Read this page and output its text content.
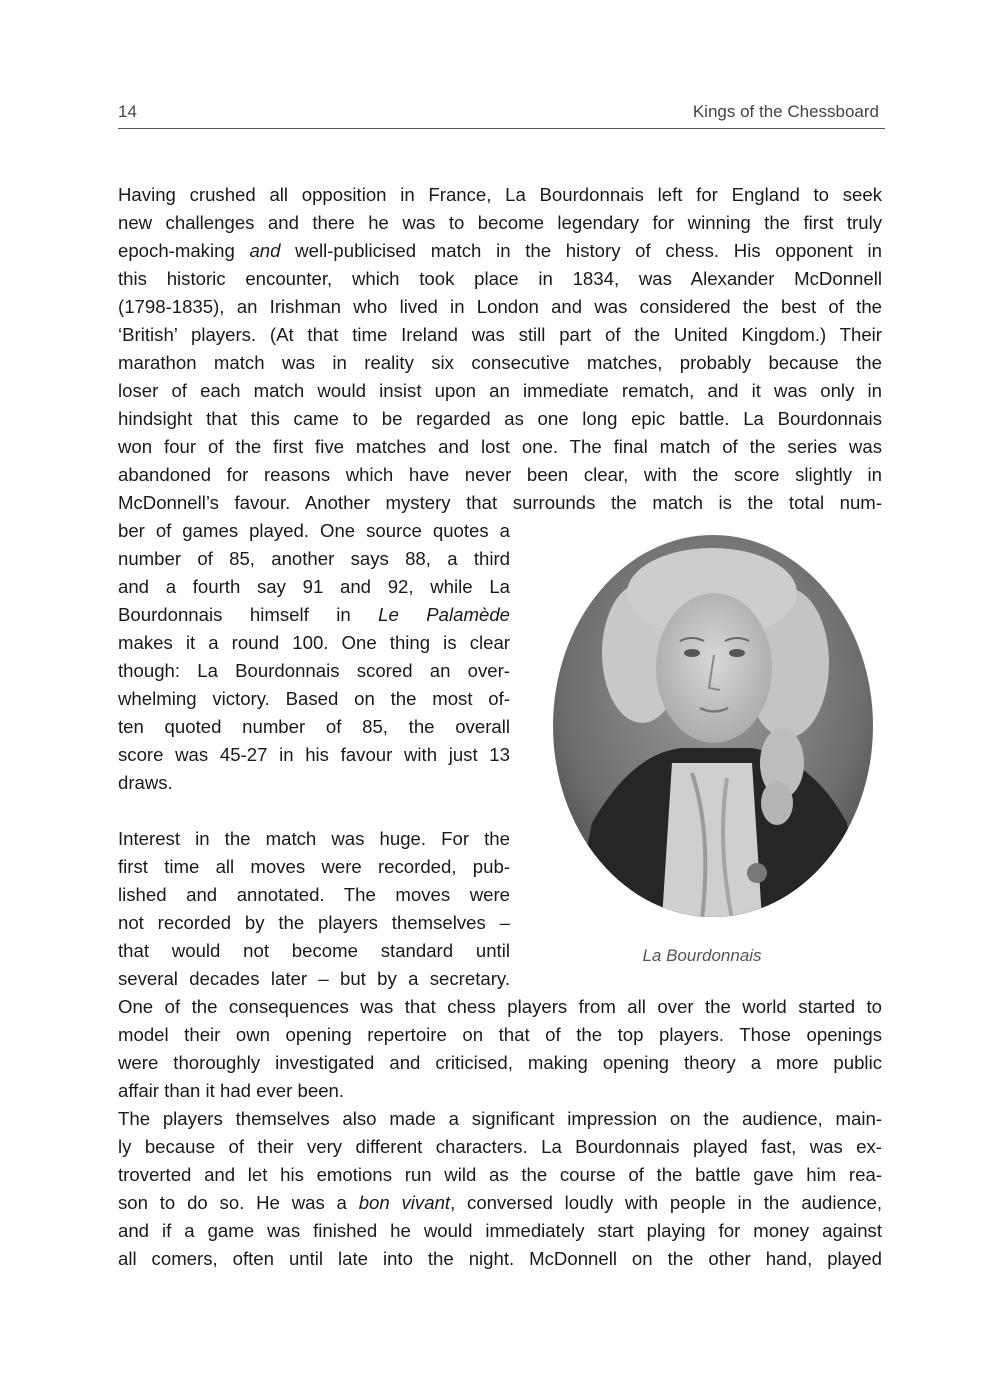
14	Kings of the Chessboard
Having crushed all opposition in France, La Bourdonnais left for England to seek
new challenges and there he was to become legendary for winning the first truly
epoch-making and well-publicised match in the history of chess. His opponent in
this historic encounter, which took place in 1834, was Alexander McDonnell
(1798-1835), an Irishman who lived in London and was considered the best of the
‘British’ players. (At that time Ireland was still part of the United Kingdom.) Their
marathon match was in reality six consecutive matches, probably because the
loser of each match would insist upon an immediate rematch, and it was only in
hindsight that this came to be regarded as one long epic battle. La Bourdonnais
won four of the first five matches and lost one. The final match of the series was
abandoned for reasons which have never been clear, with the score slightly in
McDonnell’s favour. Another mystery that surrounds the match is the total num-
ber of games played. One source quotes a
number of 85, another says 88, a third
and a fourth say 91 and 92, while La
Bourdonnais himself in Le Palamède
makes it a round 100. One thing is clear
though: La Bourdonnais scored an over-
whelming victory. Based on the most of-
ten quoted number of 85, the overall
score was 45-27 in his favour with just 13
draws.
Interest in the match was huge. For the
first time all moves were recorded, pub-
lished and annotated. The moves were
not recorded by the players themselves –
that would not become standard until
several decades later – but by a secretary.
One of the consequences was that chess players from all over the world started to
model their own opening repertoire on that of the top players. Those openings
were thoroughly investigated and criticised, making opening theory a more public
affair than it had ever been.
The players themselves also made a significant impression on the audience, main-
ly because of their very different characters. La Bourdonnais played fast, was ex-
troverted and let his emotions run wild as the course of the battle gave him rea-
son to do so. He was a bon vivant, conversed loudly with people in the audience,
and if a game was finished he would immediately start playing for money against
all comers, often until late into the night. McDonnell on the other hand, played
La Bourdonnais
